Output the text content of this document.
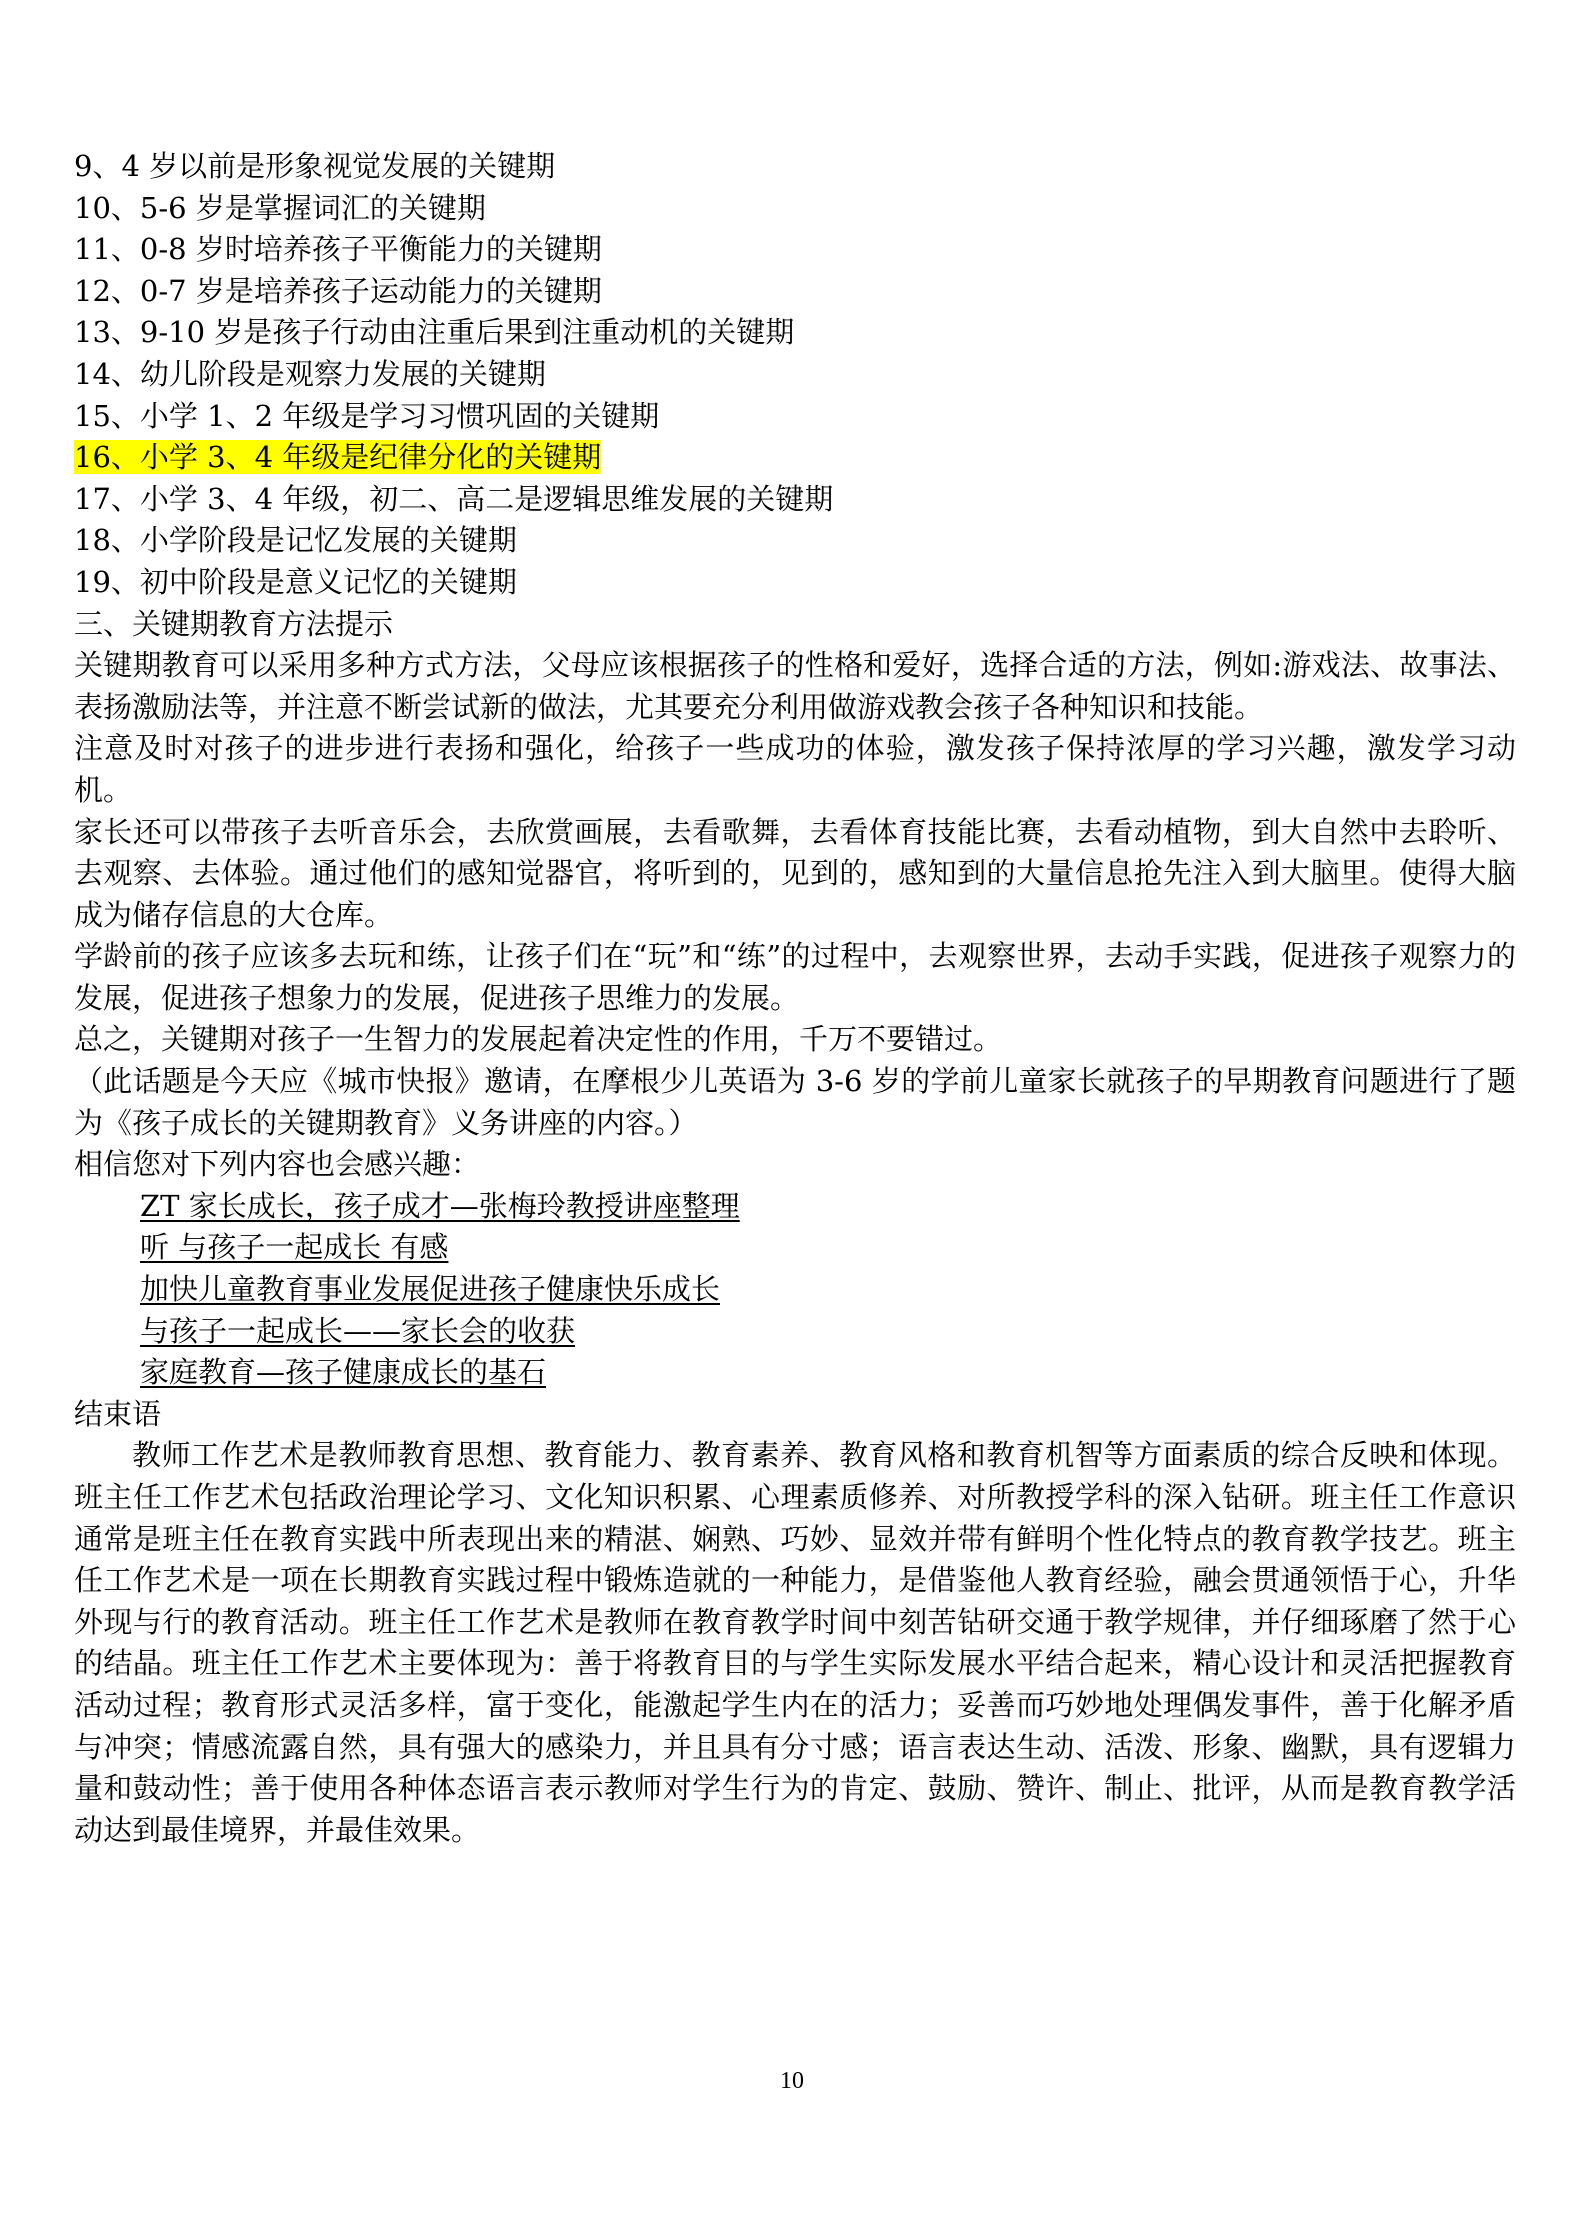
9、4 岁以前是形象视觉发展的关键期
10、5-6 岁是掌握词汇的关键期
11、0-8 岁时培养孩子平衡能力的关键期
12、0-7 岁是培养孩子运动能力的关键期
13、9-10 岁是孩子行动由注重后果到注重动机的关键期
14、幼儿阶段是观察力发展的关键期
15、小学 1、2 年级是学习习惯巩固的关键期
16、小学 3、4 年级是纪律分化的关键期
17、小学 3、4 年级，初二、高二是逻辑思维发展的关键期
18、小学阶段是记忆发展的关键期
19、初中阶段是意义记忆的关键期
三、关键期教育方法提示
关键期教育可以采用多种方式方法，父母应该根据孩子的性格和爱好，选择合适的方法，例如:游戏法、故事法、表扬激励法等，并注意不断尝试新的做法，尤其要充分利用做游戏教会孩子各种知识和技能。
注意及时对孩子的进步进行表扬和强化，给孩子一些成功的体验，激发孩子保持浓厚的学习兴趣，激发学习动机。
家长还可以带孩子去听音乐会，去欣赏画展，去看歌舞，去看体育技能比赛，去看动植物，到大自然中去聆听、去观察、去体验。通过他们的感知觉器官，将听到的，见到的，感知到的大量信息抢先注入到大脑里。使得大脑成为储存信息的大仓库。
学龄前的孩子应该多去玩和练，让孩子们在“玩”和“练”的过程中，去观察世界，去动手实践，促进孩子观察力的发展，促进孩子想象力的发展，促进孩子思维力的发展。
总之，关键期对孩子一生智力的发展起着决定性的作用，千万不要错过。
（此话题是今天应《城市快报》邀请，在摩根少儿英语为 3-6 岁的学前儿童家长就孩子的早期教育问题进行了题为《孩子成长的关键期教育》义务讲座的内容。）
相信您对下列内容也会感兴趣：
ZT 家长成长，孩子成才—张梅玲教授讲座整理
听 与孩子一起成长 有感
加快儿童教育事业发展促进孩子健康快乐成长
与孩子一起成长——家长会的收获
家庭教育—孩子健康成长的基石
结束语
教师工作艺术是教师教育思想、教育能力、教育素养、教育风格和教育机智等方面素质的综合反映和体现。班主任工作艺术包括政治理论学习、文化知识积累、心理素质修养、对所教授学科的深入钻研。班主任工作意识通常是班主任在教育实践中所表现出来的精湛、娴熟、巧妙、显效并带有鲜明个性化特点的教育教学技艺。班主任工作艺术是一项在长期教育实践过程中锻炼造就的一种能力，是借鉴他人教育经验，融会贯通领悟于心，升华外现与行的教育活动。班主任工作艺术是教师在教育教学时间中刻苦钻研交通于教学规律，并仔细琢磨了然于心的结晶。班主任工作艺术主要体现为：善于将教育目的与学生实际发展水平结合起来，精心设计和灵活把握教育活动过程；教育形式灵活多样，富于变化，能激起学生内在的活力；妥善而巧妙地处理偶发事件，善于化解矛盾与冲突；情感流露自然，具有强大的感染力，并且具有分寸感；语言表达生动、活泼、形象、幽默，具有逻辑力量和鼓动性；善于使用各种体态语言表示教师对学生行为的肯定、鼓励、赞许、制止、批评，从而是教育教学活动达到最佳境界，并最佳效果。
10
